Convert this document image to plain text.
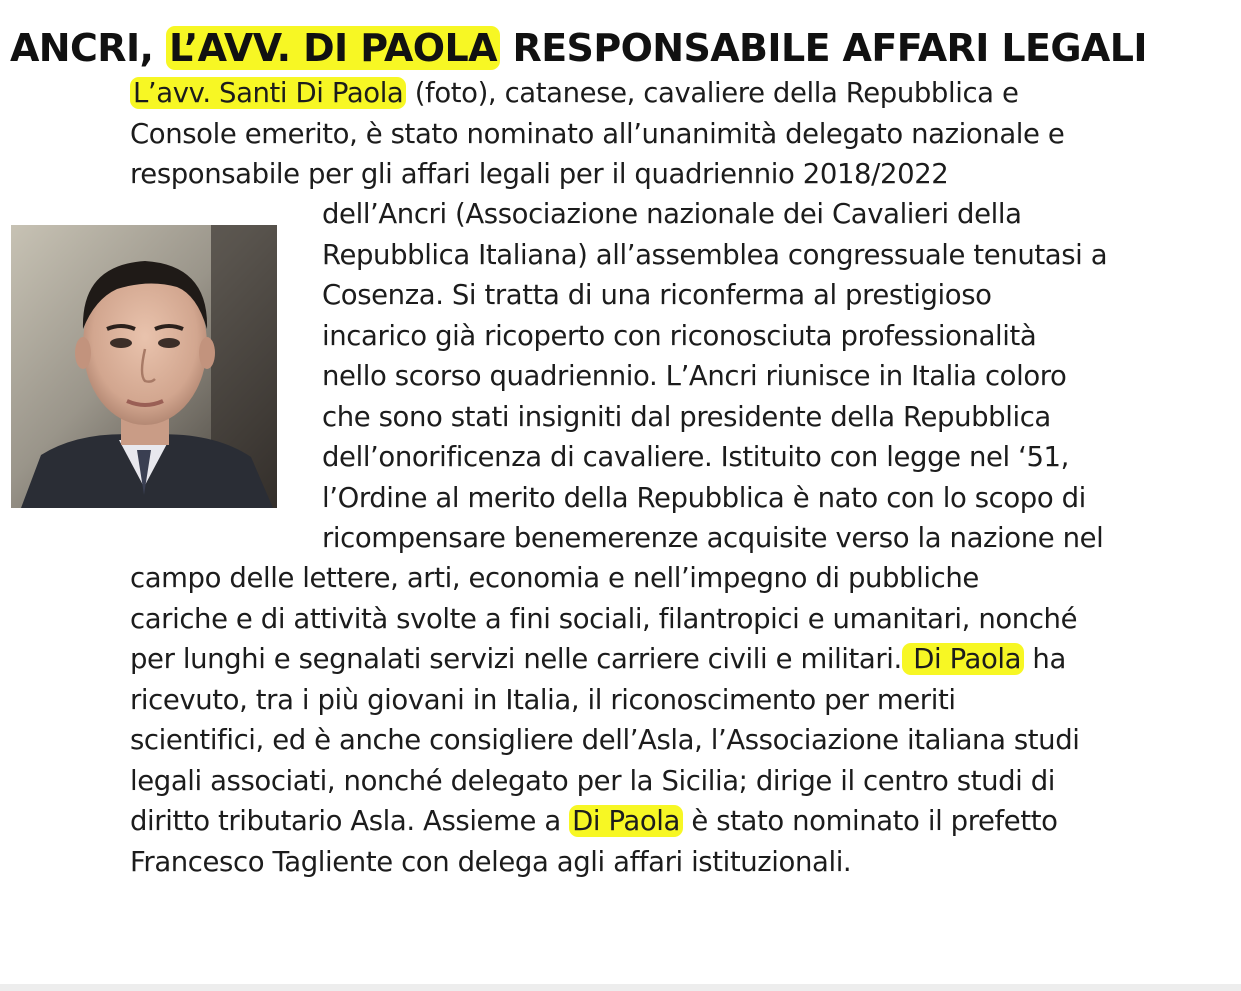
ANCRI, L’AVV. DI PAOLA RESPONSABILE AFFARI LEGALI
L’avv. Santi Di Paola (foto), catanese, cavaliere della Repubblica e
Console emerito, è stato nominato all’unanimità delegato nazionale e
responsabile per gli affari legali per il quadriennio 2018/2022
dell’Ancri (Associazione nazionale dei Cavalieri della
Repubblica Italiana) all’assemblea congressuale tenutasi a
Cosenza. Si tratta di una riconferma al prestigioso
incarico già ricoperto con riconosciuta professionalità
nello scorso quadriennio. L’Ancri riunisce in Italia coloro
che sono stati insigniti dal presidente della Repubblica
dell’onorificenza di cavaliere. Istituito con legge nel ‘51,
l’Ordine al merito della Repubblica è nato con lo scopo di
ricompensare benemerenze acquisite verso la nazione nel
campo delle lettere, arti, economia e nell’impegno di pubbliche
cariche e di attività svolte a fini sociali, filantropici e umanitari, nonché
per lunghi e segnalati servizi nelle carriere civili e militari. Di Paola ha
ricevuto, tra i più giovani in Italia, il riconoscimento per meriti
scientifici, ed è anche consigliere dell’Asla, l’Associazione italiana studi
legali associati, nonché delegato per la Sicilia; dirige il centro studi di
diritto tributario Asla. Assieme a Di Paola è stato nominato il prefetto
Francesco Tagliente con delega agli affari istituzionali.
